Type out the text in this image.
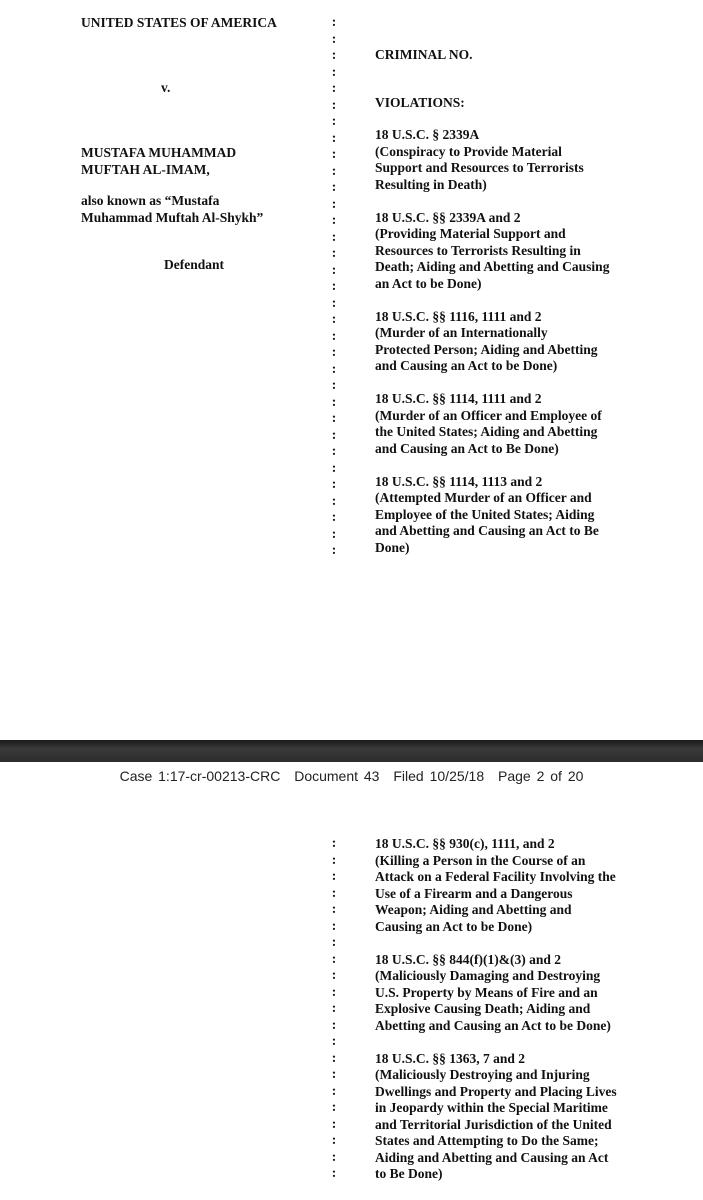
UNITED STATES OF AMERICA
v.
MUSTAFA MUHAMMAD
MUFTAH AL-IMAM,
also known as “Mustafa
Muhammad Muftah Al-Shykh”
Defendant
:
:
:
:
:
:
:
:
:
:
:
:
:
:
:
:
:
:
:
:
:
:
:
:
:
:
:
:
:
:
:
:
:
CRIMINAL NO.
VIOLATIONS:
18 U.S.C. § 2339A
(Conspiracy to Provide Material
Support and Resources to Terrorists
Resulting in Death)
18 U.S.C. §§ 2339A and 2
(Providing Material Support and
Resources to Terrorists Resulting in
Death; Aiding and Abetting and Causing
an Act to be Done)
18 U.S.C. §§ 1116, 1111 and 2
(Murder of an Internationally
Protected Person; Aiding and Abetting
and Causing an Act to be Done)
18 U.S.C. §§ 1114, 1111 and 2
(Murder of an Officer and Employee of
the United States; Aiding and Abetting
and Causing an Act to Be Done)
18 U.S.C. §§ 1114, 1113 and 2
(Attempted Murder of an Officer and
Employee of the United States; Aiding
and Abetting and Causing an Act to Be
Done)
Case 1:17-cr-00213-CRC Document 43 Filed 10/25/18 Page 2 of 20
:
:
:
:
:
:
:
:
:
:
:
:
:
:
:
:
:
:
:
:
:
18 U.S.C. §§ 930(c), 1111, and 2
(Killing a Person in the Course of an
Attack on a Federal Facility Involving the
Use of a Firearm and a Dangerous
Weapon; Aiding and Abetting and
Causing an Act to be Done)
18 U.S.C. §§ 844(f)(1)&(3) and 2
(Maliciously Damaging and Destroying
U.S. Property by Means of Fire and an
Explosive Causing Death; Aiding and
Abetting and Causing an Act to be Done)
18 U.S.C. §§ 1363, 7 and 2
(Maliciously Destroying and Injuring
Dwellings and Property and Placing Lives
in Jeopardy within the Special Maritime
and Territorial Jurisdiction of the United
States and Attempting to Do the Same;
Aiding and Abetting and Causing an Act
to Be Done)
